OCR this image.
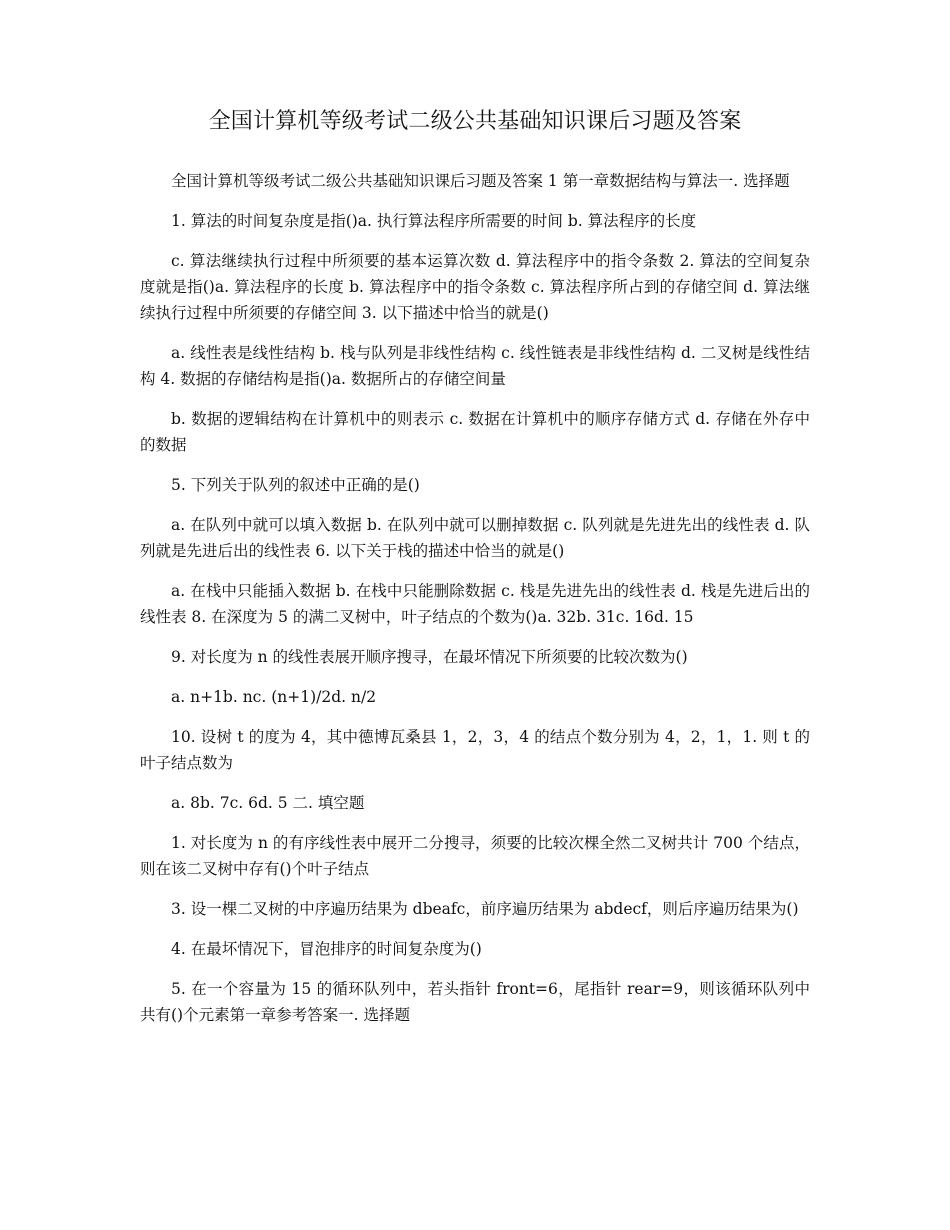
全国计算机等级考试二级公共基础知识课后习题及答案

全国计算机等级考试二级公共基础知识课后习题及答案 1 第一章数据结构与算法一. 选择题

1. 算法的时间复杂度是指()a. 执行算法程序所需要的时间 b. 算法程序的长度

c. 算法继续执行过程中所须要的基本运算次数 d. 算法程序中的指令条数 2. 算法的空间复杂度就是指()a. 算法程序的长度 b. 算法程序中的指令条数 c. 算法程序所占到的存储空间 d. 算法继续执行过程中所须要的存储空间 3. 以下描述中恰当的就是()

a. 线性表是线性结构 b. 栈与队列是非线性结构 c. 线性链表是非线性结构 d. 二叉树是线性结构 4. 数据的存储结构是指()a. 数据所占的存储空间量

b. 数据的逻辑结构在计算机中的则表示 c. 数据在计算机中的顺序存储方式 d. 存储在外存中的数据

5. 下列关于队列的叙述中正确的是()

a. 在队列中就可以填入数据 b. 在队列中就可以删掉数据 c. 队列就是先进先出的线性表 d. 队列就是先进后出的线性表 6. 以下关于栈的描述中恰当的就是()

a. 在栈中只能插入数据 b. 在栈中只能删除数据 c. 栈是先进先出的线性表 d. 栈是先进后出的线性表 8. 在深度为 5 的满二叉树中，叶子结点的个数为()a. 32b. 31c. 16d. 15

9. 对长度为 n 的线性表展开顺序搜寻，在最坏情况下所须要的比较次数为()

a. n+1b. nc. (n+1)/2d. n/2

10. 设树 t 的度为 4，其中德博瓦桑县 1，2，3，4 的结点个数分别为 4，2，1，1. 则 t 的叶子结点数为

a. 8b. 7c. 6d. 5 二. 填空题

1. 对长度为 n 的有序线性表中展开二分搜寻，须要的比较次棵全然二叉树共计 700 个结点，则在该二叉树中存有()个叶子结点

3. 设一棵二叉树的中序遍历结果为 dbeafc，前序遍历结果为 abdecf，则后序遍历结果为()

4. 在最坏情况下，冒泡排序的时间复杂度为()

5. 在一个容量为 15 的循环队列中，若头指针 front=6，尾指针 rear=9，则该循环队列中共有()个元素第一章参考答案一. 选择题
